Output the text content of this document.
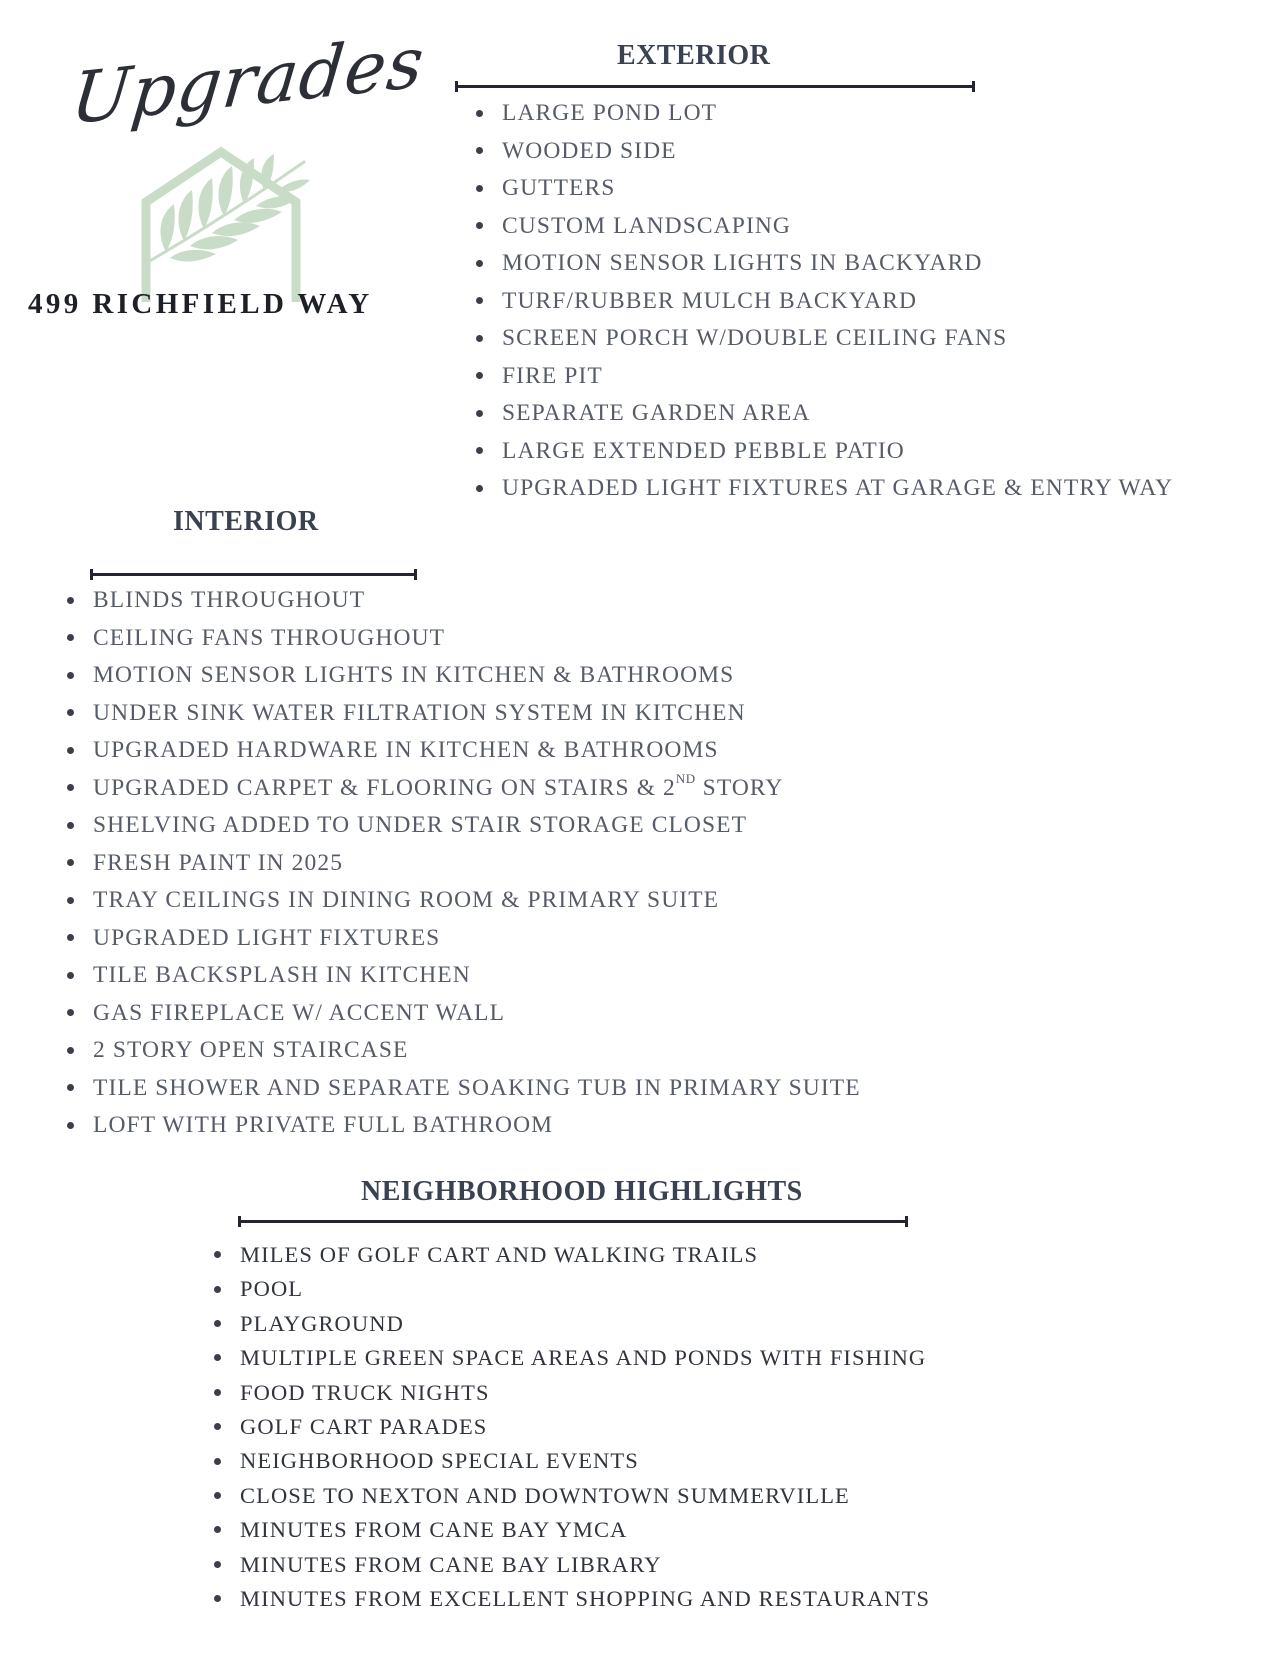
Upgrades
499 RICHFIELD WAY
EXTERIOR
LARGE POND LOT
WOODED SIDE
GUTTERS
CUSTOM LANDSCAPING
MOTION SENSOR LIGHTS IN BACKYARD
TURF/RUBBER MULCH BACKYARD
SCREEN PORCH W/DOUBLE CEILING FANS
FIRE PIT
SEPARATE GARDEN AREA
LARGE EXTENDED PEBBLE PATIO
UPGRADED LIGHT FIXTURES AT GARAGE & ENTRY WAY
INTERIOR
BLINDS THROUGHOUT
CEILING FANS THROUGHOUT
MOTION SENSOR LIGHTS IN KITCHEN & BATHROOMS
UNDER SINK WATER FILTRATION SYSTEM IN KITCHEN
UPGRADED HARDWARE IN KITCHEN & BATHROOMS
UPGRADED CARPET & FLOORING ON STAIRS & 2ND STORY
SHELVING ADDED TO UNDER STAIR STORAGE CLOSET
FRESH PAINT IN 2025
TRAY CEILINGS IN DINING ROOM & PRIMARY SUITE
UPGRADED LIGHT FIXTURES
TILE BACKSPLASH IN KITCHEN
GAS FIREPLACE W/ ACCENT WALL
2 STORY OPEN STAIRCASE
TILE SHOWER AND SEPARATE SOAKING TUB IN PRIMARY SUITE
LOFT WITH PRIVATE FULL BATHROOM
NEIGHBORHOOD HIGHLIGHTS
MILES OF GOLF CART AND WALKING TRAILS
POOL
PLAYGROUND
MULTIPLE GREEN SPACE AREAS AND PONDS WITH FISHING
FOOD TRUCK NIGHTS
GOLF CART PARADES
NEIGHBORHOOD SPECIAL EVENTS
CLOSE TO NEXTON AND DOWNTOWN SUMMERVILLE
MINUTES FROM CANE BAY YMCA
MINUTES FROM CANE BAY LIBRARY
MINUTES FROM EXCELLENT SHOPPING AND RESTAURANTS
